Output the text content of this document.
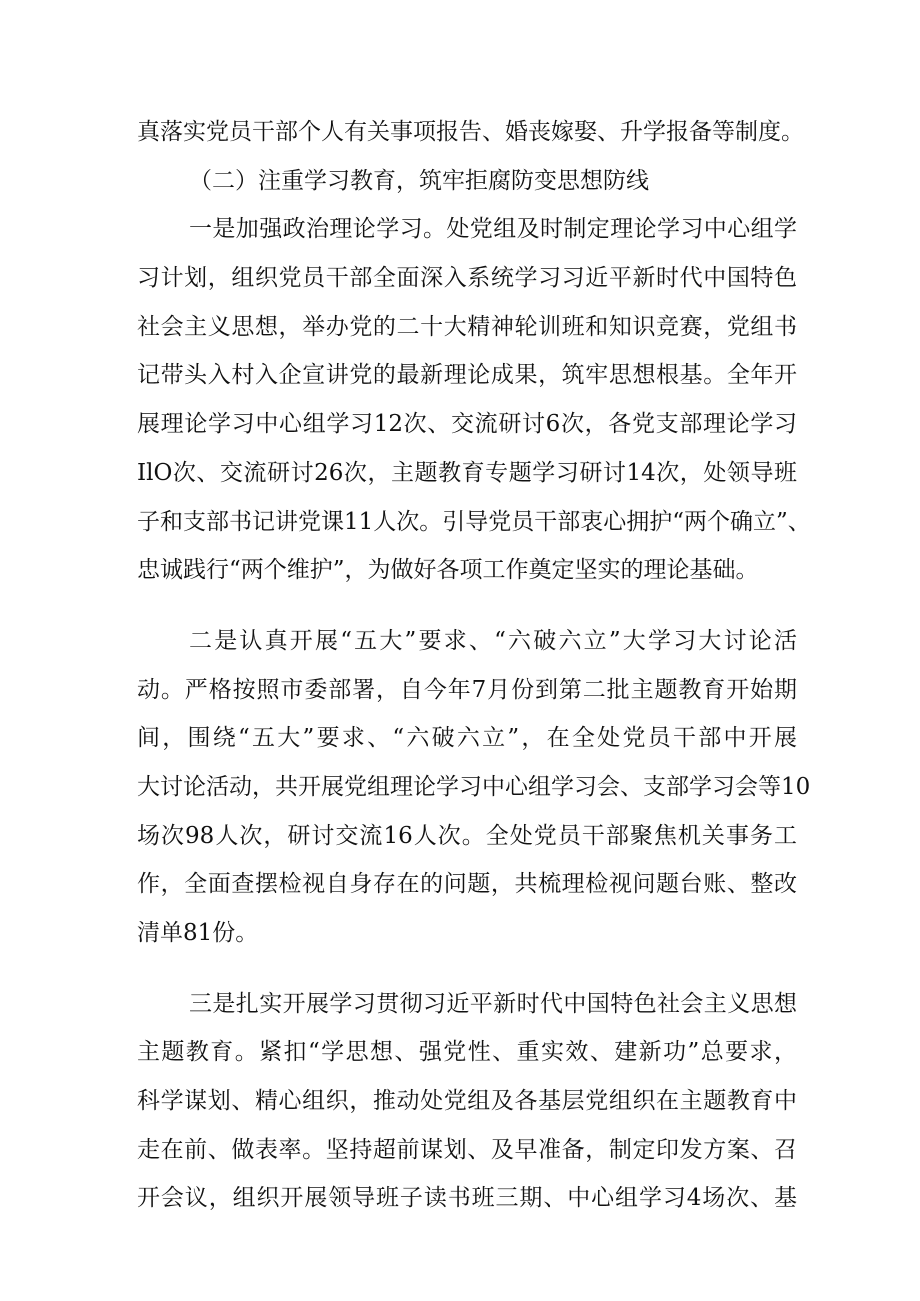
真落实党员干部个人有关事项报告、婚丧嫁娶、升学报备等制度。
（二）注重学习教育，筑牢拒腐防变思想防线
一是加强政治理论学习。处党组及时制定理论学习中心组学
习计划，组织党员干部全面深入系统学习习近平新时代中国特色
社会主义思想，举办党的二十大精神轮训班和知识竞赛，党组书
记带头入村入企宣讲党的最新理论成果，筑牢思想根基。全年开
展理论学习中心组学习12次、交流研讨6次，各党支部理论学习
IlO次、交流研讨26次，主题教育专题学习研讨14次，处领导班
子和支部书记讲党课11人次。引导党员干部衷心拥护“两个确立”、
忠诚践行“两个维护”，为做好各项工作奠定坚实的理论基础。
二是认真开展“五大”要求、“六破六立”大学习大讨论活
动。严格按照市委部署，自今年7月份到第二批主题教育开始期
间，围绕“五大”要求、“六破六立”，在全处党员干部中开展
大讨论活动，共开展党组理论学习中心组学习会、支部学习会等10
场次98人次，研讨交流16人次。全处党员干部聚焦机关事务工
作，全面查摆检视自身存在的问题，共梳理检视问题台账、整改
清单81份。
三是扎实开展学习贯彻习近平新时代中国特色社会主义思想
主题教育。紧扣“学思想、强党性、重实效、建新功”总要求，
科学谋划、精心组织，推动处党组及各基层党组织在主题教育中
走在前、做表率。坚持超前谋划、及早准备，制定印发方案、召
开会议，组织开展领导班子读书班三期、中心组学习4场次、基
